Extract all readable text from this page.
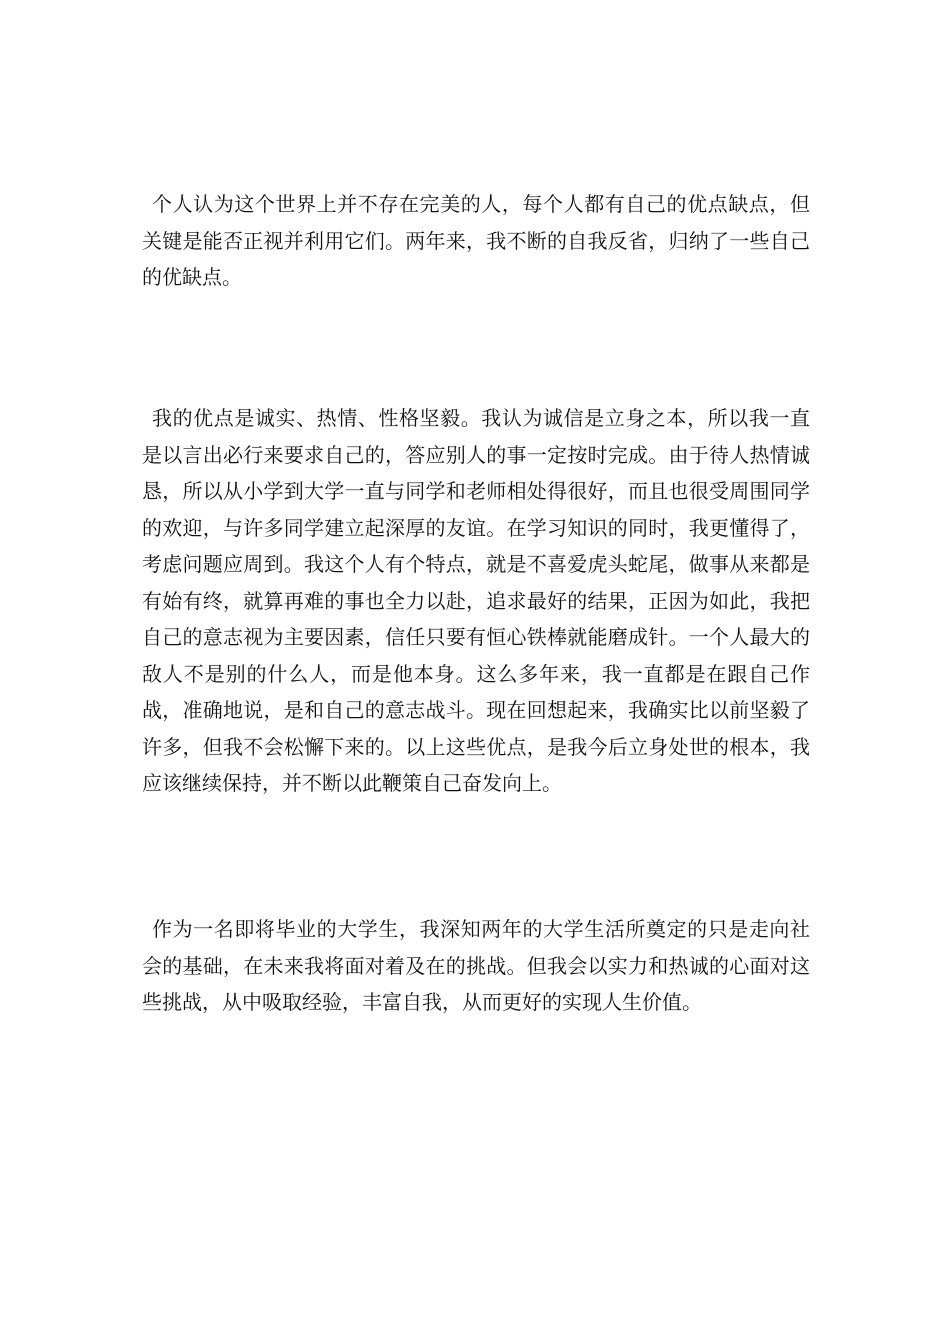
个人认为这个世界上并不存在完美的人，每个人都有自己的优点缺点，但关键是能否正视并利用它们。两年来，我不断的自我反省，归纳了一些自己的优缺点。

我的优点是诚实、热情、性格坚毅。我认为诚信是立身之本，所以我一直是以言出必行来要求自己的，答应别人的事一定按时完成。由于待人热情诚恳，所以从小学到大学一直与同学和老师相处得很好，而且也很受周围同学的欢迎，与许多同学建立起深厚的友谊。在学习知识的同时，我更懂得了，考虑问题应周到。我这个人有个特点，就是不喜爱虎头蛇尾，做事从来都是有始有终，就算再难的事也全力以赴，追求最好的结果，正因为如此，我把自己的意志视为主要因素，信任只要有恒心铁棒就能磨成针。一个人最大的敌人不是别的什么人，而是他本身。这么多年来，我一直都是在跟自己作战，准确地说，是和自己的意志战斗。现在回想起来，我确实比以前坚毅了许多，但我不会松懈下来的。以上这些优点，是我今后立身处世的根本，我应该继续保持，并不断以此鞭策自己奋发向上。

作为一名即将毕业的大学生，我深知两年的大学生活所奠定的只是走向社会的基础，在未来我将面对着及在的挑战。但我会以实力和热诚的心面对这些挑战，从中吸取经验，丰富自我，从而更好的实现人生价值。
